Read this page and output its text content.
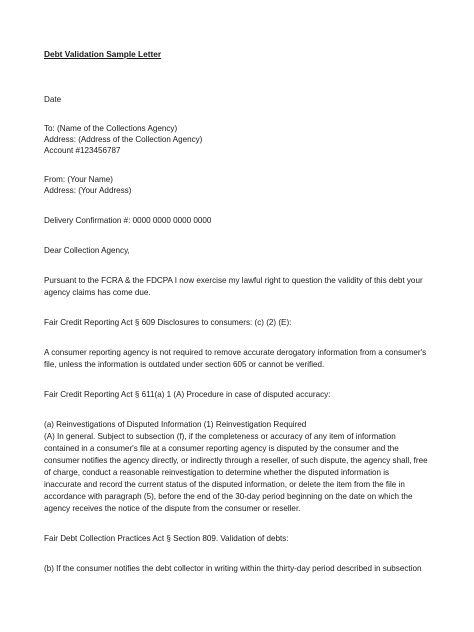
Debt Validation Sample Letter
Date
To: (Name of the Collections Agency)
Address: (Address of the Collection Agency)
Account #123456787
From: (Your Name)
Address: (Your Address)
Delivery Confirmation #: 0000 0000 0000 0000
Dear Collection Agency,
Pursuant to the FCRA & the FDCPA I now exercise my lawful right to question the validity of this debt your
agency claims has come due.
Fair Credit Reporting Act § 609 Disclosures to consumers: (c) (2) (E):
A consumer reporting agency is not required to remove accurate derogatory information from a consumer's
file, unless the information is outdated under section 605 or cannot be verified.
Fair Credit Reporting Act § 611(a) 1 (A) Procedure in case of disputed accuracy:
(a) Reinvestigations of Disputed Information (1) Reinvestigation Required
(A) In general. Subject to subsection (f), if the completeness or accuracy of any item of information
contained in a consumer's file at a consumer reporting agency is disputed by the consumer and the
consumer notifies the agency directly, or indirectly through a reseller, of such dispute, the agency shall, free
of charge, conduct a reasonable reinvestigation to determine whether the disputed information is
inaccurate and record the current status of the disputed information, or delete the item from the file in
accordance with paragraph (5), before the end of the 30-day period beginning on the date on which the
agency receives the notice of the dispute from the consumer or reseller.
Fair Debt Collection Practices Act § Section 809. Validation of debts:
(b) If the consumer notifies the debt collector in writing within the thirty-day period described in subsection
